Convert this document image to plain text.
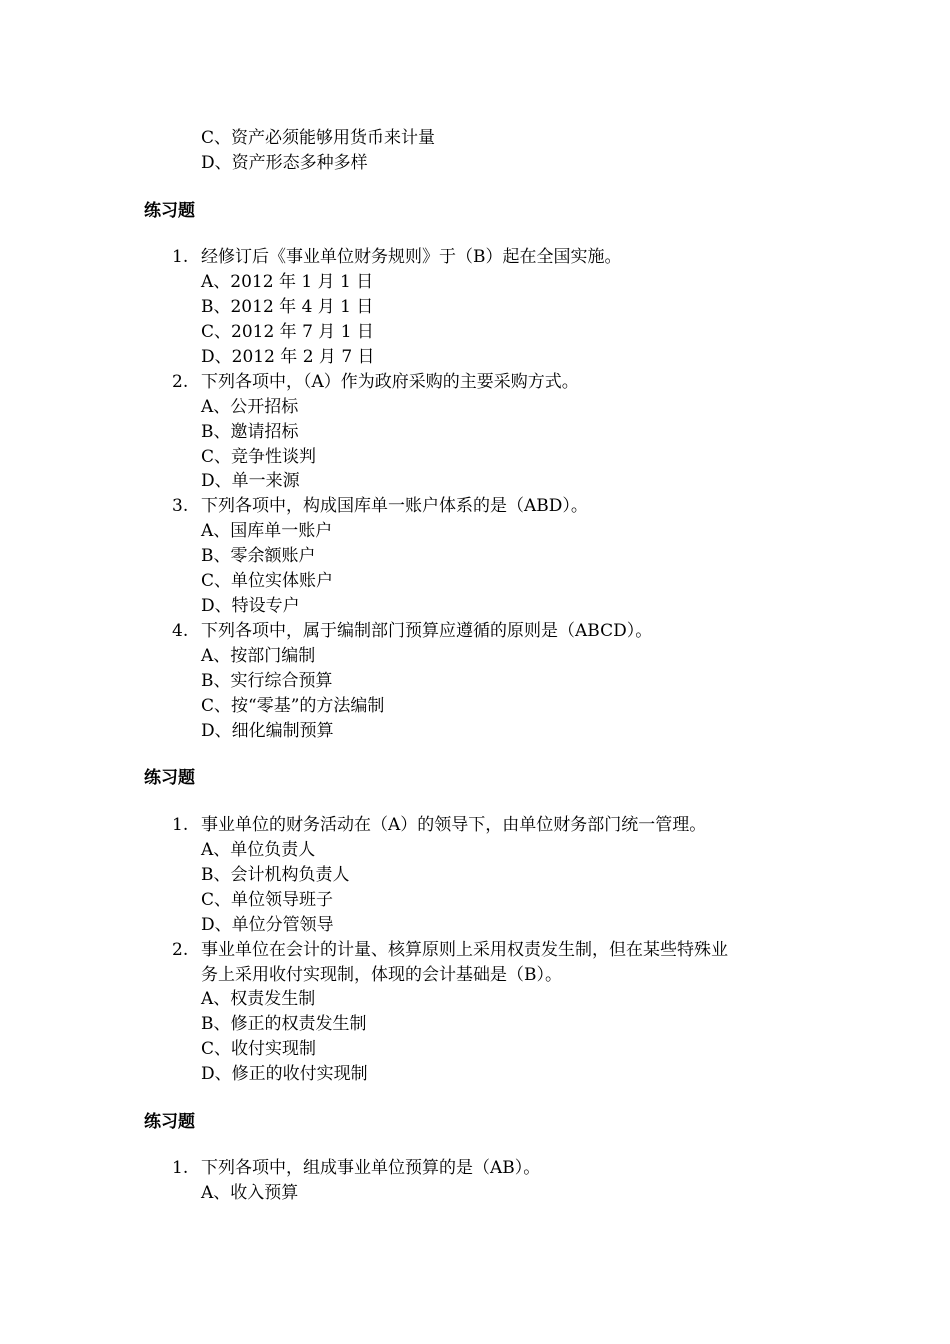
C、资产必须能够用货币来计量
D、资产形态多种多样
练习题
1. 经修订后《事业单位财务规则》于（B）起在全国实施。
A、2012 年 1 月 1 日
B、2012 年 4 月 1 日
C、2012 年 7 月 1 日
D、2012 年 2 月 7 日
2. 下列各项中，（A）作为政府采购的主要采购方式。
A、公开招标
B、邀请招标
C、竞争性谈判
D、单一来源
3. 下列各项中，构成国库单一账户体系的是（ABD）。
A、国库单一账户
B、零余额账户
C、单位实体账户
D、特设专户
4. 下列各项中，属于编制部门预算应遵循的原则是（ABCD）。
A、按部门编制
B、实行综合预算
C、按“零基”的方法编制
D、细化编制预算
练习题
1. 事业单位的财务活动在（A）的领导下，由单位财务部门统一管理。
A、单位负责人
B、会计机构负责人
C、单位领导班子
D、单位分管领导
2. 事业单位在会计的计量、核算原则上采用权责发生制，但在某些特殊业
务上采用收付实现制，体现的会计基础是（B）。
A、权责发生制
B、修正的权责发生制
C、收付实现制
D、修正的收付实现制
练习题
1. 下列各项中，组成事业单位预算的是（AB）。
A、收入预算
